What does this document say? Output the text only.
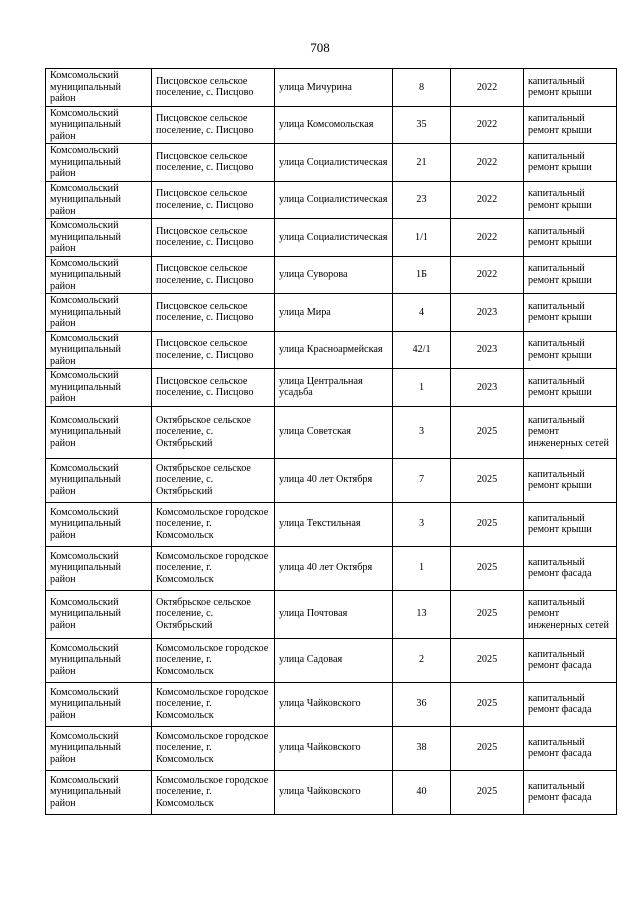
708
Комсомольский муниципальный район	Писцовское сельское поселение, с. Писцово	улица Мичурина	8	2022	капитальный ремонт крыши
Комсомольский муниципальный район	Писцовское сельское поселение, с. Писцово	улица Комсомольская	35	2022	капитальный ремонт крыши
Комсомольский муниципальный район	Писцовское сельское поселение, с. Писцово	улица Социалистическая	21	2022	капитальный ремонт крыши
Комсомольский муниципальный район	Писцовское сельское поселение, с. Писцово	улица Социалистическая	23	2022	капитальный ремонт крыши
Комсомольский муниципальный район	Писцовское сельское поселение, с. Писцово	улица Социалистическая	1/1	2022	капитальный ремонт крыши
Комсомольский муниципальный район	Писцовское сельское поселение, с. Писцово	улица Суворова	1Б	2022	капитальный ремонт крыши
Комсомольский муниципальный район	Писцовское сельское поселение, с. Писцово	улица Мира	4	2023	капитальный ремонт крыши
Комсомольский муниципальный район	Писцовское сельское поселение, с. Писцово	улица Красноармейская	42/1	2023	капитальный ремонт крыши
Комсомольский муниципальный район	Писцовское сельское поселение, с. Писцово	улица Центральная усадьба	1	2023	капитальный ремонт крыши
Комсомольский муниципальный район	Октябрьское сельское поселение, с. Октябрьский	улица Советская	3	2025	капитальный ремонт инженерных сетей
Комсомольский муниципальный район	Октябрьское сельское поселение, с. Октябрьский	улица 40 лет Октября	7	2025	капитальный ремонт крыши
Комсомольский муниципальный район	Комсомольское городское поселение, г. Комсомольск	улица Текстильная	3	2025	капитальный ремонт крыши
Комсомольский муниципальный район	Комсомольское городское поселение, г. Комсомольск	улица 40 лет Октября	1	2025	капитальный ремонт фасада
Комсомольский муниципальный район	Октябрьское сельское поселение, с. Октябрьский	улица Почтовая	13	2025	капитальный ремонт инженерных сетей
Комсомольский муниципальный район	Комсомольское городское поселение, г. Комсомольск	улица Садовая	2	2025	капитальный ремонт фасада
Комсомольский муниципальный район	Комсомольское городское поселение, г. Комсомольск	улица Чайковского	36	2025	капитальный ремонт фасада
Комсомольский муниципальный район	Комсомольское городское поселение, г. Комсомольск	улица Чайковского	38	2025	капитальный ремонт фасада
Комсомольский муниципальный район	Комсомольское городское поселение, г. Комсомольск	улица Чайковского	40	2025	капитальный ремонт фасада
